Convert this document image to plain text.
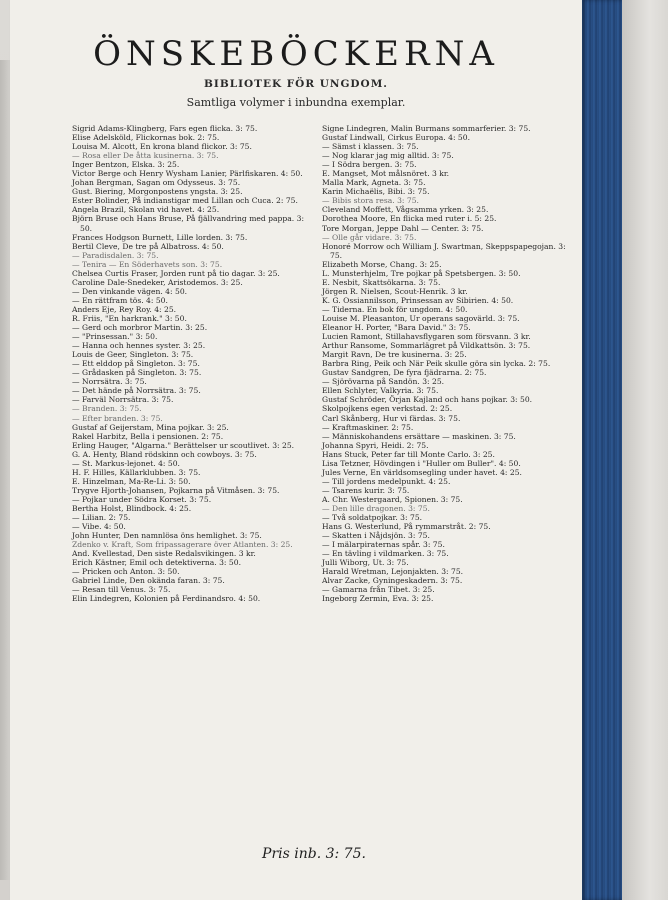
ÖNSKEBÖCKERNA
BIBLIOTEK FÖR UNGDOM.
Samtliga volymer i inbundna exemplar.
Sigrid Adams-Klingberg, Fars egen flicka. 3: 75.
Elise Adelsköld, Flickornas bok. 2: 75.
Louisa M. Alcott, En krona bland flickor. 3: 75.
— Rosa eller De åtta kusinerna. 3: 75.
Inger Bentzon, Elska. 3: 25.
Victor Berge och Henry Wysham Lanier, Pärlfiskaren. 4: 50.
Johan Bergman, Sagan om Odysseus. 3: 75.
Gust. Biering, Morgonpostens yngsta. 3: 25.
Ester Bolinder, På indianstigar med Lillan och Cuca. 2: 75.
Angela Brazil, Skolan vid havet. 4: 25.
Björn Bruse och Hans Bruse, På fjällvandring med pappa. 3: 50.
Frances Hodgson Burnett, Lille lorden. 3: 75.
Bertil Cleve, De tre på Albatross. 4: 50.
— Paradisdalen. 3: 75.
— Tenira — En Söderhavets son. 3: 75.
Chelsea Curtis Fraser, Jorden runt på tio dagar. 3: 25.
Caroline Dale-Snedeker, Aristodemos. 3: 25.
— Den vinkande vägen. 4: 50.
— En rättfram tös. 4: 50.
Anders Eje, Rey Roy. 4: 25.
R. Friis, "En harkrank." 3: 50.
— Gerd och morbror Martin. 3: 25.
— "Prinsessan." 3: 50.
— Hanna och hennes syster. 3: 25.
Louis de Geer, Singleton. 3: 75.
— Ett elddop på Singleton. 3: 75.
— Grådasken på Singleton. 3: 75.
— Norrsätra. 3: 75.
— Det hände på Norrsätra. 3: 75.
— Farväl Norrsätra. 3: 75.
— Branden. 3: 75.
— Efter branden. 3: 75.
Gustaf af Geijerstam, Mina pojkar. 3: 25.
Rakel Harbitz, Bella i pensionen. 2: 75.
Erling Hauger, "Algarna." Berättelser ur scoutlivet. 3: 25.
G. A. Henty, Bland rödskinn och cowboys. 3: 75.
— St. Markus-lejonet. 4: 50.
H. F. Hilles, Källarklubben. 3: 75.
E. Hinzelman, Ma-Re-Li. 3: 50.
Trygve Hjorth-Johansen, Pojkarna på Vitmåsen. 3: 75.
— Pojkar under Södra Korset. 3: 75.
Bertha Holst, Blindbock. 4: 25.
— Lilian. 2: 75.
— Vibe. 4: 50.
John Hunter, Den namnlösa öns hemlighet. 3: 75.
Zdenko v. Kraft, Som fripassagerare över Atlanten. 3: 25.
And. Kvellestad, Den siste Redalsvikingen. 3 kr.
Erich Kästner, Emil och detektiverna. 3: 50.
— Pricken och Anton. 3: 50.
Gabriel Linde, Den okända faran. 3: 75.
— Resan till Venus. 3: 75.
Elin Lindegren, Kolonien på Ferdinandsro. 4: 50.
Signe Lindegren, Malin Burmans sommarferier. 3: 75.
Gustaf Lindwall, Cirkus Europa. 4: 50.
— Sämst i klassen. 3: 75.
— Nog klarar jag mig alltid. 3: 75.
— I Södra bergen. 3: 75.
E. Mangset, Mot målsnöret. 3 kr.
Malla Mark, Agneta. 3: 75.
Karin Michaëlis, Bibi. 3: 75.
— Bibis stora resa. 3: 75.
Cleveland Moffett, Vågsamma yrken. 3: 25.
Dorothea Moore, En flicka med ruter i. 5: 25.
Tore Morgan, Jeppe Dahl — Center. 3: 75.
— Olle går vidare. 3: 75.
Honoré Morrow och William J. Swartman, Skeppspapegojan. 3: 75.
Elizabeth Morse, Chang. 3: 25.
L. Munsterhjelm, Tre pojkar på Spetsbergen. 3: 50.
E. Nesbit, Skattsökarna. 3: 75.
Jörgen R. Nielsen, Scout-Henrik. 3 kr.
K. G. Ossiannilsson, Prinsessan av Sibirien. 4: 50.
— Tiderna. En bok för ungdom. 4: 50.
Louise M. Pleasanton, Ur operans sagovärld. 3: 75.
Eleanor H. Porter, "Bara David." 3: 75.
Lucien Ramont, Stillahavsflygaren som försvann. 3 kr.
Arthur Ransome, Sommarlägret på Vildkattsön. 3: 75.
Margit Ravn, De tre kusinerna. 3: 25.
Barbra Ring, Peik och När Peik skulle göra sin lycka. 2: 75.
Gustav Sandgren, De fyra fjädrarna. 2: 75.
— Sjörövarna på Sandön. 3: 25.
Ellen Schlyter, Valkyria. 3: 75.
Gustaf Schröder, Örjan Kajland och hans pojkar. 3: 50.
Skolpojkens egen verkstad. 2: 25.
Carl Skånberg, Hur vi färdas. 3: 75.
— Kraftmaskiner. 2: 75.
— Människohandens ersättare — maskinen. 3: 75.
Johanna Spyri, Heidi. 2: 75.
Hans Stuck, Peter far till Monte Carlo. 3: 25.
Lisa Tetzner, Hövdingen i "Huller om Buller". 4: 50.
Jules Verne, En världsomsegling under havet. 4: 25.
— Till jordens medelpunkt. 4: 25.
— Tsarens kurir. 3: 75.
A. Chr. Westergaard, Spionen. 3: 75.
— Den lille dragonen. 3: 75.
— Två soldatpojkar. 3: 75.
Hans G. Westerlund, På rymmarstråt. 2: 75.
— Skatten i Nåjdsjön. 3: 75.
— I mälarpiraternas spår. 3: 75.
— En tävling i vildmarken. 3: 75.
Julli Wiborg, Ut. 3: 75.
Harald Wretman, Lejonjakten. 3: 75.
Alvar Zacke, Gyningeskadern. 3: 75.
— Gamarna från Tibet. 3: 25.
Ingeborg Zermin, Eva. 3: 25.
Pris inb. 3: 75.
